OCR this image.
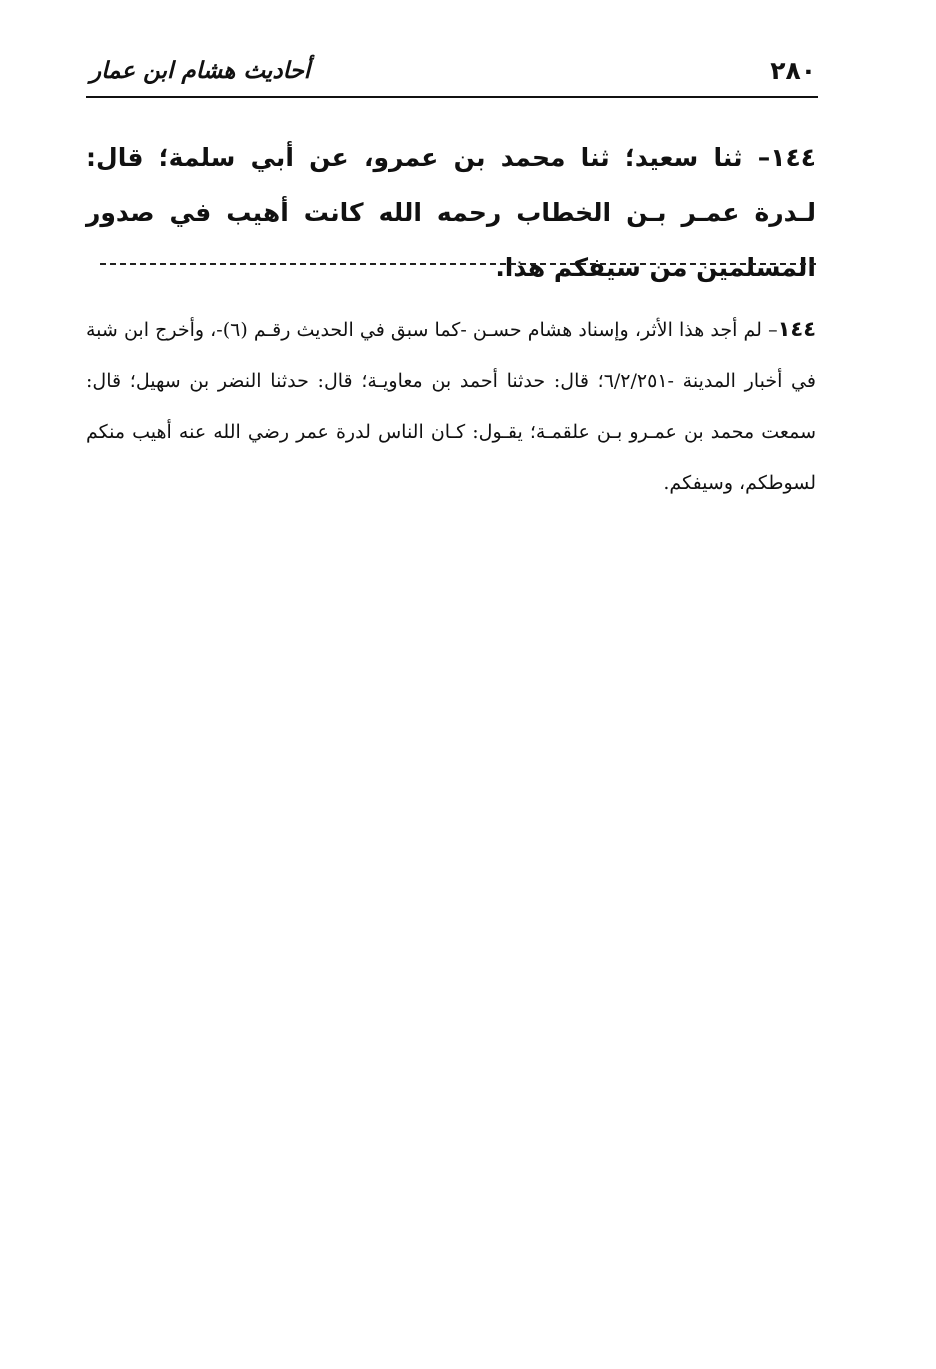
٢٨٠
أحاديث هشام ابن عمار
١٤٤– ثنا سعيد؛ ثنا محمد بن عمرو، عن أبي سلمة؛ قال: لـدرة عمـر بـن الخطاب رحمه الله كانت أهيب في صدور المسلمين من سيفكم هذا.
١٤٤– لم أجد هذا الأثر، وإسناد هشام حسـن -كما سبق في الحديث رقـم (٦)-، وأخرج ابن شبة في أخبار المدينة -٦/٢/٢٥١؛ قال: حدثنا أحمد بن معاويـة؛ قال: حدثنا النضر بن سهيل؛ قال: سمعت محمد بن عمـرو بـن علقمـة؛ يقـول: كـان الناس لدرة عمر رضي الله عنه أهيب منكم لسوطكم، وسيفكم.
